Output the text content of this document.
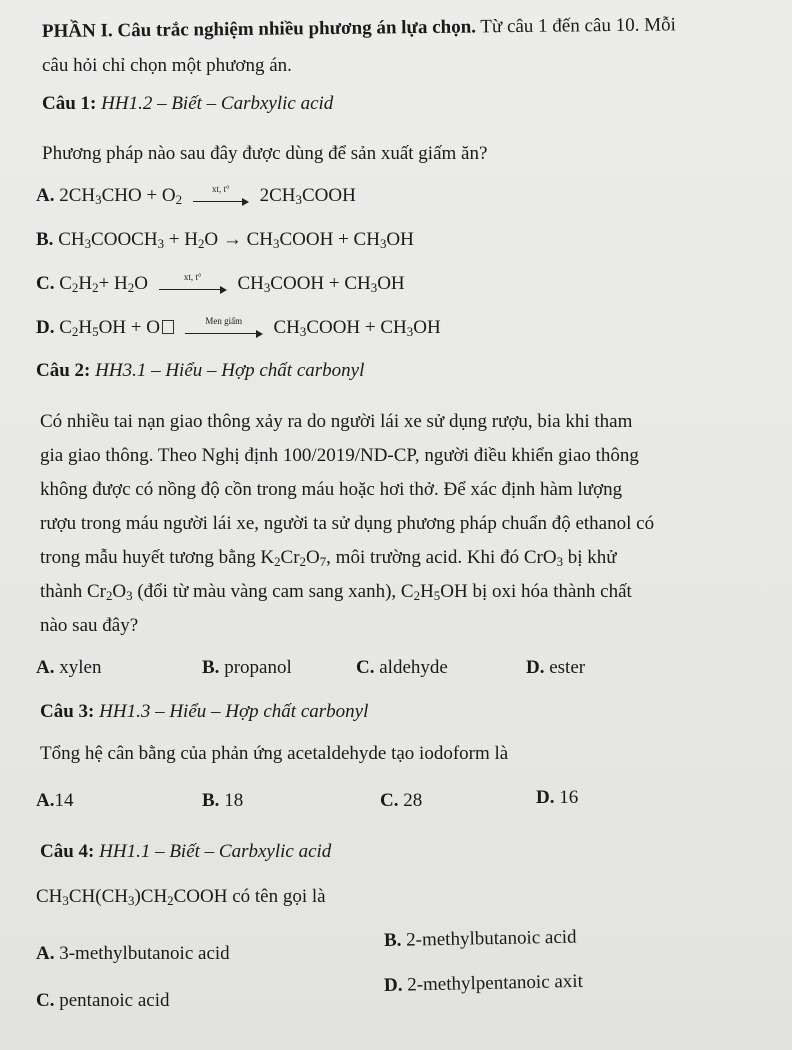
PHẦN I. Câu trắc nghiệm nhiều phương án lựa chọn. Từ câu 1 đến câu 10. Mỗi
câu hỏi chỉ chọn một phương án.
Câu 1: HH1.2 – Biết – Carbxylic acid
Phương pháp nào sau đây được dùng để sản xuất giấm ăn?
A. $2CH_3CHO + O_2$
xt, t°	$2CH_3COOH$
B. $CH_3COOCH_3 + H_2O$ → $CH_3COOH + CH_3OH$
C. $C_2H_2+ H_2O$	xt, t°	$CH_3COOH + CH_3OH$
D. $C_2H_5OH + O$	Men giấm	$CH_3COOH + CH_3OH$
Câu 2: HH3.1 – Hiểu – Hợp chất carbonyl
Có nhiều tai nạn giao thông xảy ra do người lái xe sử dụng rượu, bia khi tham
gia giao thông. Theo Nghị định 100/2019/ND-CP, người điều khiển giao thông
không được có nồng độ cồn trong máu hoặc hơi thở. Để xác định hàm lượng
rượu trong máu người lái xe, người ta sử dụng phương pháp chuẩn độ ethanol có
trong mẫu huyết tương bằng $K_2Cr_2O_7$, môi trường acid. Khi đó CrO$_3$ bị khử
thành $Cr_2O_3$ (đổi từ màu vàng cam sang xanh), $C_2H_5OH$ bị oxi hóa thành chất
nào sau đây?
A. xylen	B. propanol	C. aldehyde	D. ester
Câu 3: HH1.3 – Hiểu – Hợp chất carbonyl
Tổng hệ cân bằng của phản ứng acetaldehyde tạo iodoform là
A.14	B. 18	C. 28	D. 16
Câu 4: HH1.1 – Biết – Carbxylic acid
$CH_3CH(CH_3)CH_2COOH$ có tên gọi là
A. 3-methylbutanoic acid
B. 2-methylbutanoic acid
C. pentanoic acid
D. 2-methylpentanoic axit
